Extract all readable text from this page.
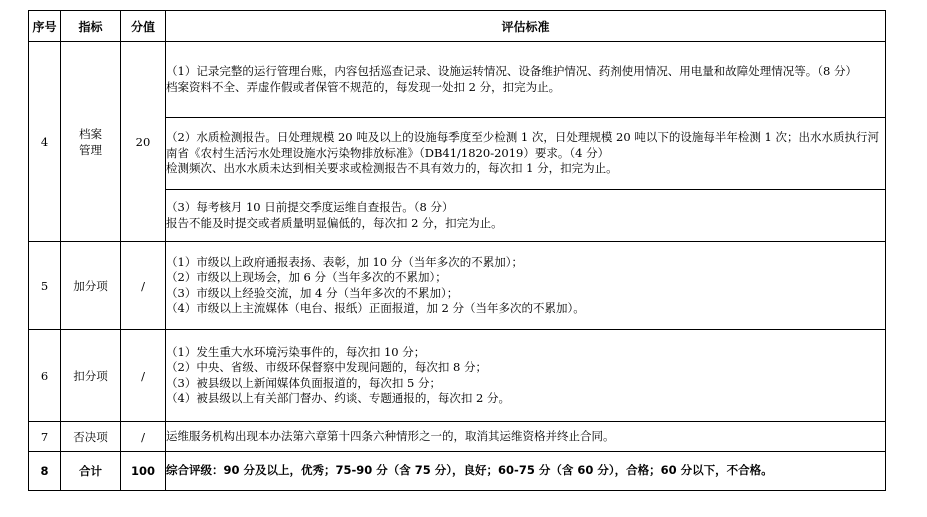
序号	指标	分值	评估标准
4	档案管理	20	（1）记录完整的运行管理台账，内容包括巡查记录、设施运转情况、设备维护情况、药剂使用情况、用电量和故障处理情况等。（8 分）
档案资料不全、弄虚作假或者保管不规范的，每发现一处扣 2 分，扣完为止。

			（2）水质检测报告。日处理规模 20 吨及以上的设施每季度至少检测 1 次，日处理规模 20 吨以下的设施每半年检测 1 次；出水水质执行河南省《农村生活污水处理设施水污染物排放标准》（DB41/1820-2019）要求。（4 分）
检测频次、出水水质未达到相关要求或检测报告不具有效力的，每次扣 1 分，扣完为止。

			（3）每考核月 10 日前提交季度运维自查报告。（8 分）
报告不能及时提交或者质量明显偏低的，每次扣 2 分，扣完为止。

5	加分项	/	（1）市级以上政府通报表扬、表彰，加 10 分（当年多次的不累加）；
（2）市级以上现场会，加 6 分（当年多次的不累加）；
（3）市级以上经验交流，加 4 分（当年多次的不累加）；
（4）市级以上主流媒体（电台、报纸）正面报道，加 2 分（当年多次的不累加）。

6	扣分项	/	（1）发生重大水环境污染事件的，每次扣 10 分；
（2）中央、省级、市级环保督察中发现问题的，每次扣 8 分；
（3）被县级以上新闻媒体负面报道的，每次扣 5 分；
（4）被县级以上有关部门督办、约谈、专题通报的，每次扣 2 分。

7	否决项	/	运维服务机构出现本办法第六章第十四条六种情形之一的，取消其运维资格并终止合同。

8	合计	100	综合评级：90 分及以上，优秀；75-90 分（含 75 分），良好；60-75 分（含 60 分），合格；60 分以下，不合格。
